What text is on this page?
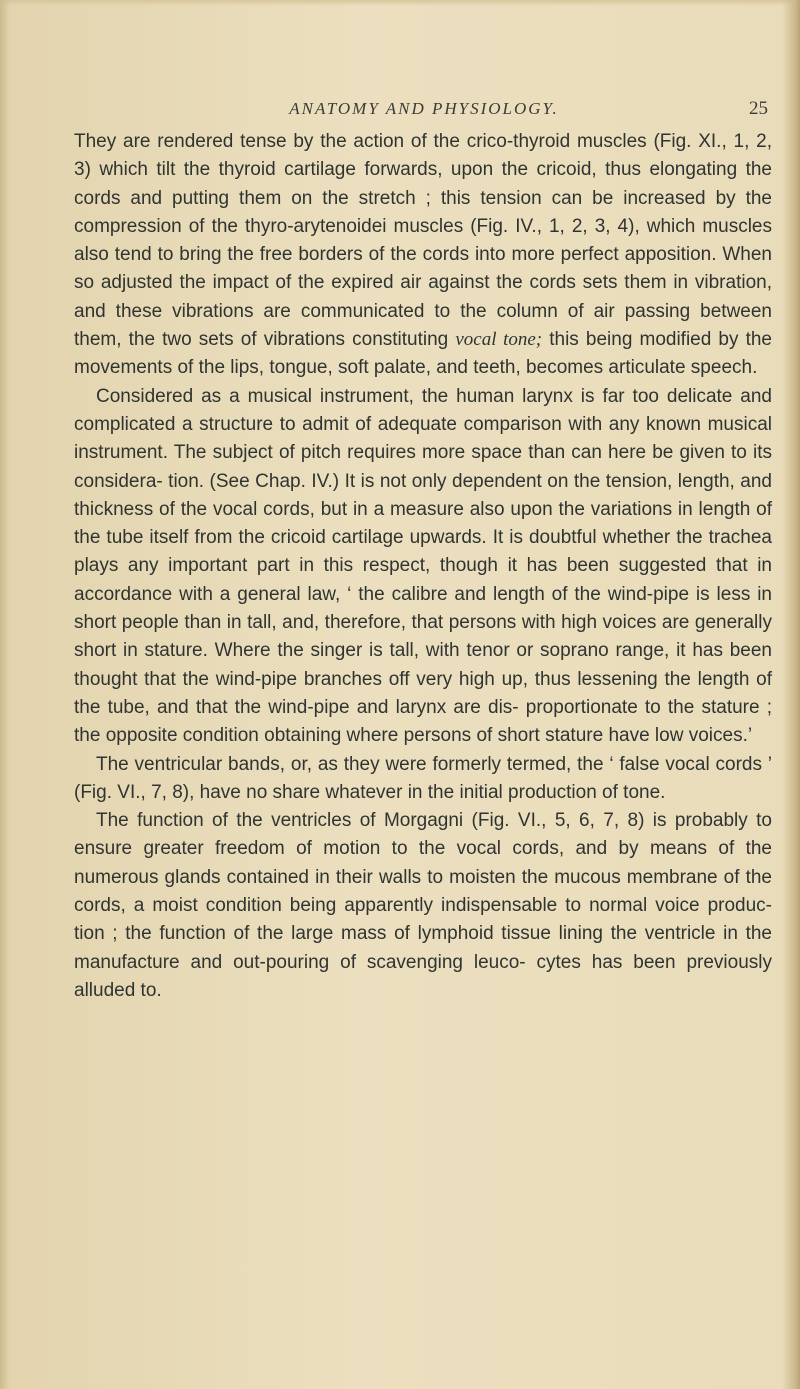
ANATOMY AND PHYSIOLOGY.	25

They are rendered tense by the action of the crico-thyroid muscles (Fig. XI., 1, 2, 3) which tilt the thyroid cartilage forwards, upon the cricoid, thus elongating the cords and putting them on the stretch ; this tension can be increased by the compression of the thyro-arytenoidei muscles (Fig. IV., 1, 2, 3, 4), which muscles also tend to bring the free borders of the cords into more perfect apposition. When so adjusted the impact of the expired air against the cords sets them in vibration, and these vibrations are communicated to the column of air passing between them, the two sets of vibrations constituting vocal tone; this being modified by the movements of the lips, tongue, soft palate, and teeth, becomes articulate speech.

Considered as a musical instrument, the human larynx is far too delicate and complicated a structure to admit of adequate comparison with any known musical instrument. The subject of pitch requires more space than can here be given to its considera- tion. (See Chap. IV.) It is not only dependent on the tension, length, and thickness of the vocal cords, but in a measure also upon the variations in length of the tube itself from the cricoid cartilage upwards. It is doubtful whether the trachea plays any important part in this respect, though it has been suggested that in accordance with a general law, ‘ the calibre and length of the wind-pipe is less in short people than in tall, and, therefore, that persons with high voices are generally short in stature. Where the singer is tall, with tenor or soprano range, it has been thought that the wind-pipe branches off very high up, thus lessening the length of the tube, and that the wind-pipe and larynx are dis- proportionate to the stature ; the opposite condition obtaining where persons of short stature have low voices.’

The ventricular bands, or, as they were formerly termed, the ‘ false vocal cords ’ (Fig. VI., 7, 8), have no share whatever in the initial production of tone.

The function of the ventricles of Morgagni (Fig. VI., 5, 6, 7, 8) is probably to ensure greater freedom of motion to the vocal cords, and by means of the numerous glands contained in their walls to moisten the mucous membrane of the cords, a moist condition being apparently indispensable to normal voice produc- tion ; the function of the large mass of lymphoid tissue lining the ventricle in the manufacture and out-pouring of scavenging leuco- cytes has been previously alluded to.
